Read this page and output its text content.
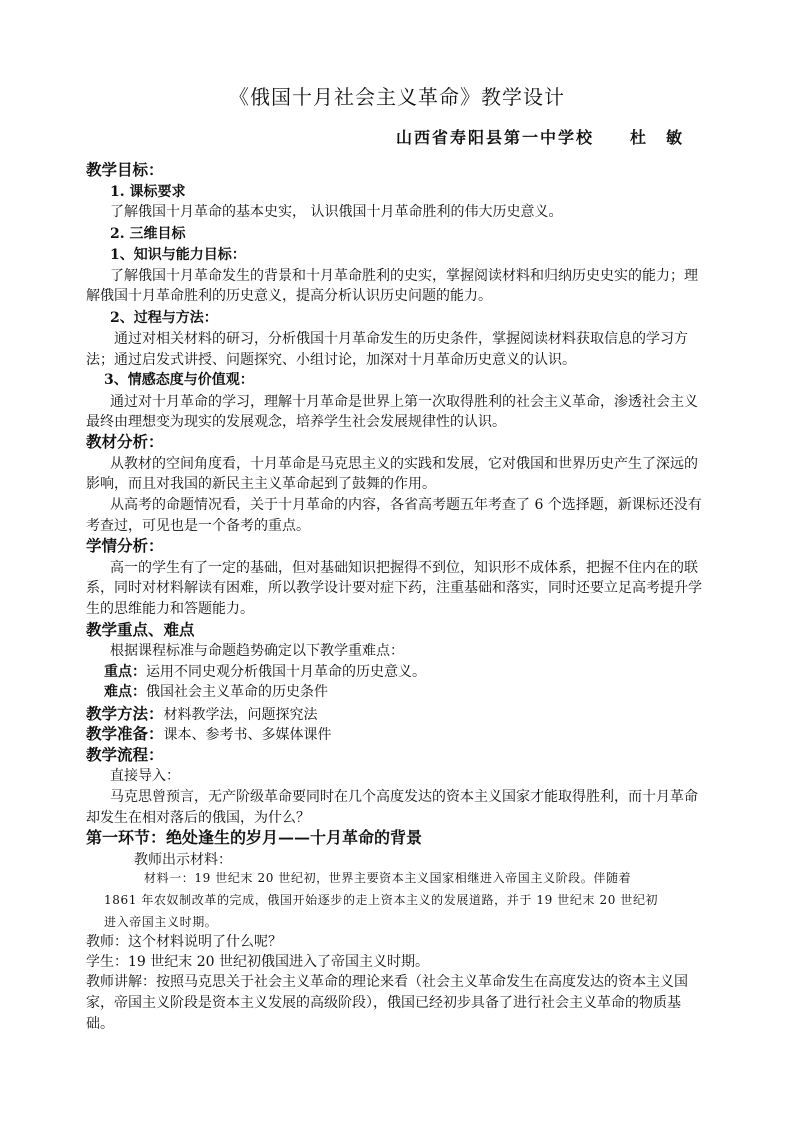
《俄国十月社会主义革命》教学设计
山西省寿阳县第一中学校　　杜　敏
教学目标：
1. 课标要求
了解俄国十月革命的基本史实， 认识俄国十月革命胜利的伟大历史意义。
2. 三维目标
1、知识与能力目标：
了解俄国十月革命发生的背景和十月革命胜利的史实，掌握阅读材料和归纳历史史实的能力；理
解俄国十月革命胜利的历史意义，提高分析认识历史问题的能力。
2、过程与方法：
通过对相关材料的研习，分析俄国十月革命发生的历史条件，掌握阅读材料获取信息的学习方
法；通过启发式讲授、问题探究、小组讨论，加深对十月革命历史意义的认识。
3、情感态度与价值观：
通过对十月革命的学习，理解十月革命是世界上第一次取得胜利的社会主义革命，渗透社会主义
最终由理想变为现实的发展观念，培养学生社会发展规律性的认识。
教材分析：
从教材的空间角度看，十月革命是马克思主义的实践和发展，它对俄国和世界历史产生了深远的
影响，而且对我国的新民主主义革命起到了鼓舞的作用。
从高考的命题情况看，关于十月革命的内容，各省高考题五年考查了 6 个选择题，新课标还没有
考查过，可见也是一个备考的重点。
学情分析：
高一的学生有了一定的基础，但对基础知识把握得不到位，知识形不成体系，把握不住内在的联
系，同时对材料解读有困难，所以教学设计要对症下药，注重基础和落实，同时还要立足高考提升学
生的思维能力和答题能力。
教学重点、难点
根据课程标准与命题趋势确定以下教学重难点：
重点：运用不同史观分析俄国十月革命的历史意义。
难点：俄国社会主义革命的历史条件
教学方法：材料教学法，问题探究法
教学准备：课本、参考书、多媒体课件
教学流程：
直接导入：
马克思曾预言，无产阶级革命要同时在几个高度发达的资本主义国家才能取得胜利，而十月革命
却发生在相对落后的俄国，为什么？
第一环节：绝处逢生的岁月——十月革命的背景
教师出示材料：
材料一：19 世纪末 20 世纪初，世界主要资本主义国家相继进入帝国主义阶段。伴随着
1861 年农奴制改革的完成，俄国开始逐步的走上资本主义的发展道路，并于 19 世纪末 20 世纪初
进入帝国主义时期。
教师：这个材料说明了什么呢？
学生：19 世纪末 20 世纪初俄国进入了帝国主义时期。
教师讲解：按照马克思关于社会主义革命的理论来看（社会主义革命发生在高度发达的资本主义国
家，帝国主义阶段是资本主义发展的高级阶段），俄国已经初步具备了进行社会主义革命的物质基
础。
